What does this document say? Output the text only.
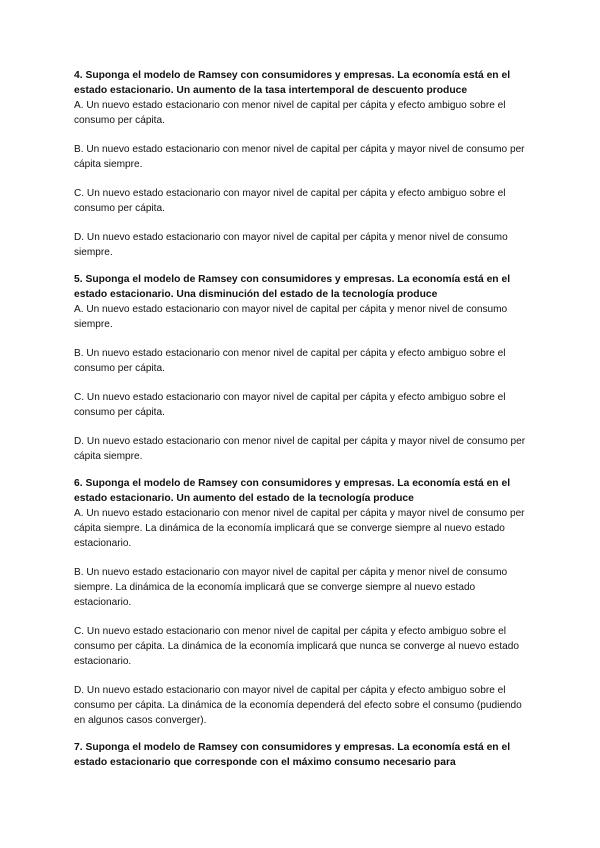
4. Suponga el modelo de Ramsey con consumidores y empresas. La economía está en el estado estacionario. Un aumento de la tasa intertemporal de descuento produce

A. Un nuevo estado estacionario con menor nivel de capital per cápita y efecto ambiguo sobre el consumo per cápita.

B. Un nuevo estado estacionario con menor nivel de capital per cápita y mayor nivel de consumo per cápita siempre.

C. Un nuevo estado estacionario con mayor nivel de capital per cápita y efecto ambiguo sobre el consumo per cápita.

D. Un nuevo estado estacionario con mayor nivel de capital per cápita y menor nivel de consumo siempre.

5. Suponga el modelo de Ramsey con consumidores y empresas. La economía está en el estado estacionario. Una disminución del estado de la tecnología produce

A. Un nuevo estado estacionario con mayor nivel de capital per cápita y menor nivel de consumo siempre.

B. Un nuevo estado estacionario con menor nivel de capital per cápita y efecto ambiguo sobre el consumo per cápita.

C. Un nuevo estado estacionario con mayor nivel de capital per cápita y efecto ambiguo sobre el consumo per cápita.

D. Un nuevo estado estacionario con menor nivel de capital per cápita y mayor nivel de consumo per cápita siempre.

6. Suponga el modelo de Ramsey con consumidores y empresas. La economía está en el estado estacionario. Un aumento del estado de la tecnología produce

A. Un nuevo estado estacionario con menor nivel de capital per cápita y mayor nivel de consumo per cápita siempre. La dinámica de la economía implicará que se converge siempre al nuevo estado estacionario.

B. Un nuevo estado estacionario con mayor nivel de capital per cápita y menor nivel de consumo siempre. La dinámica de la economía implicará que se converge siempre al nuevo estado estacionario.

C. Un nuevo estado estacionario con menor nivel de capital per cápita y efecto ambiguo sobre el consumo per cápita. La dinámica de la economía implicará que nunca se converge al nuevo estado estacionario.

D. Un nuevo estado estacionario con mayor nivel de capital per cápita y efecto ambiguo sobre el consumo per cápita. La dinámica de la economía dependerá del efecto sobre el consumo (pudiendo en algunos casos converger).

7. Suponga el modelo de Ramsey con consumidores y empresas. La economía está en el estado estacionario que corresponde con el máximo consumo necesario para
